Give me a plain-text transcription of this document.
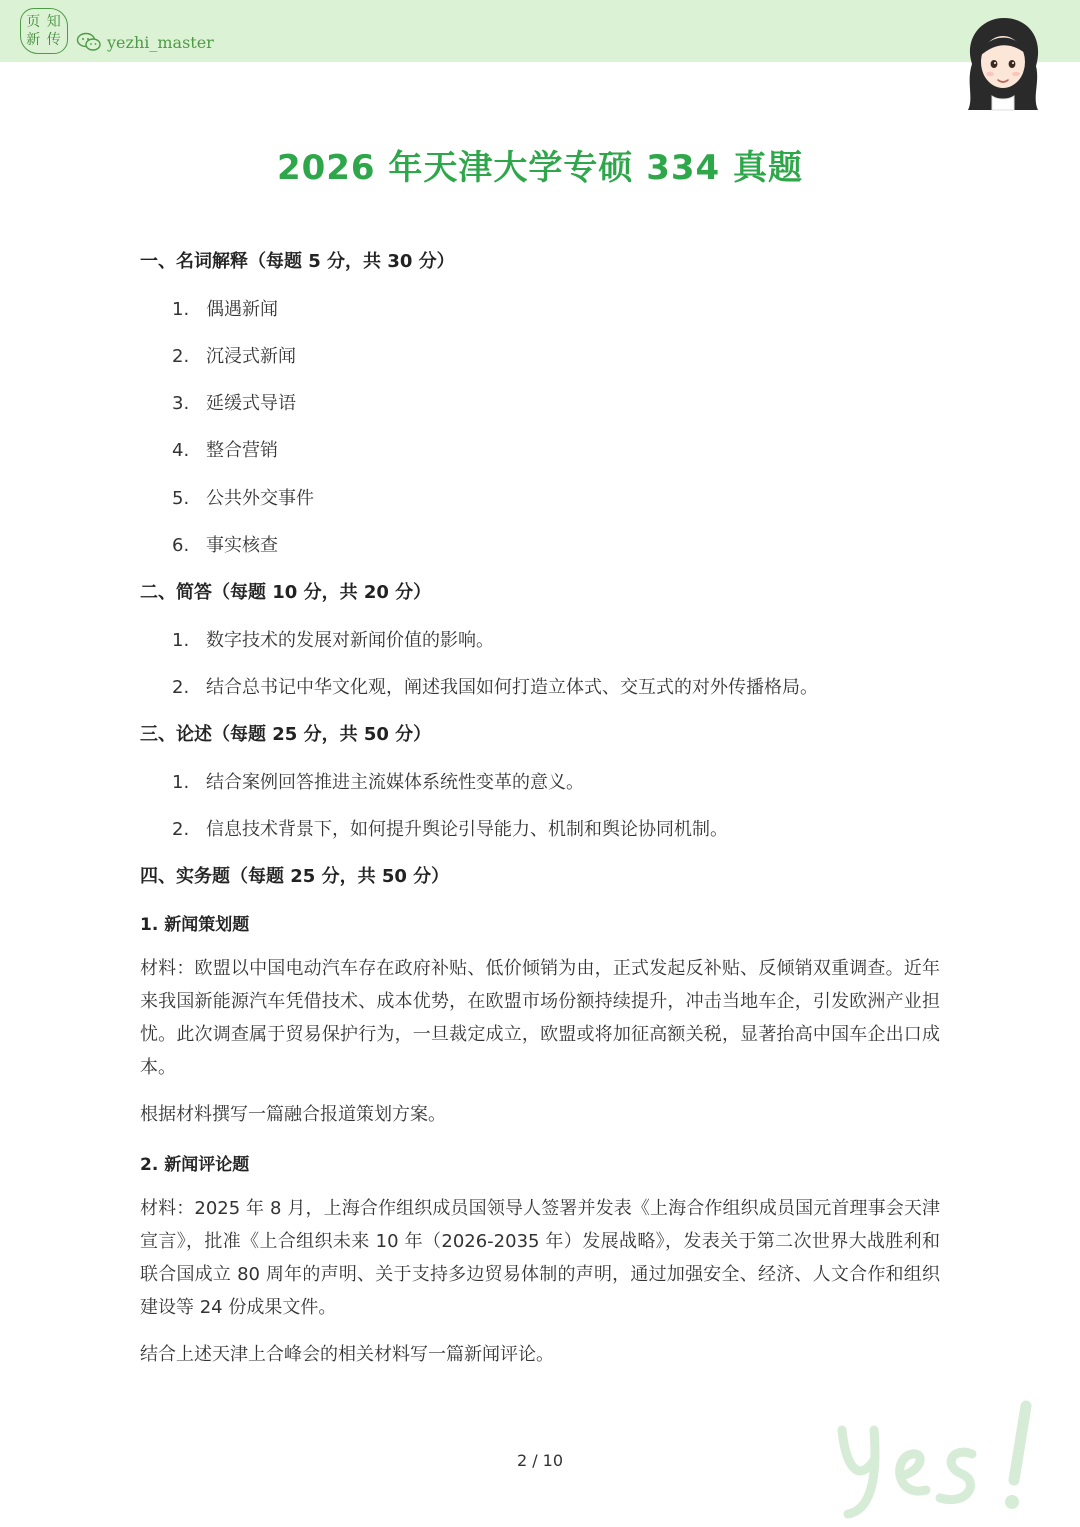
页 知
新 传	yezhi_master
2026 年天津大学专硕 334 真题
一、名词解释（每题 5 分，共 30 分）
1. 偶遇新闻
2. 沉浸式新闻
3. 延缓式导语
4. 整合营销
5. 公共外交事件
6. 事实核查
二、简答（每题 10 分，共 20 分）
1. 数字技术的发展对新闻价值的影响。
2. 结合总书记中华文化观，阐述我国如何打造立体式、交互式的对外传播格局。
三、论述（每题 25 分，共 50 分）
1. 结合案例回答推进主流媒体系统性变革的意义。
2. 信息技术背景下，如何提升舆论引导能力、机制和舆论协同机制。
四、实务题（每题 25 分，共 50 分）
1. 新闻策划题
材料：欧盟以中国电动汽车存在政府补贴、低价倾销为由，正式发起反补贴、反倾销双重调查。近年来我国新能源汽车凭借技术、成本优势，在欧盟市场份额持续提升，冲击当地车企，引发欧洲产业担忧。此次调查属于贸易保护行为，一旦裁定成立，欧盟或将加征高额关税，显著抬高中国车企出口成本。
根据材料撰写一篇融合报道策划方案。
2. 新闻评论题
材料：2025 年 8 月，上海合作组织成员国领导人签署并发表《上海合作组织成员国元首理事会天津宣言》，批准《上合组织未来 10 年（2026-2035 年）发展战略》，发表关于第二次世界大战胜利和联合国成立 80 周年的声明、关于支持多边贸易体制的声明，通过加强安全、经济、人文合作和组织建设等 24 份成果文件。
结合上述天津上合峰会的相关材料写一篇新闻评论。
2 / 10
